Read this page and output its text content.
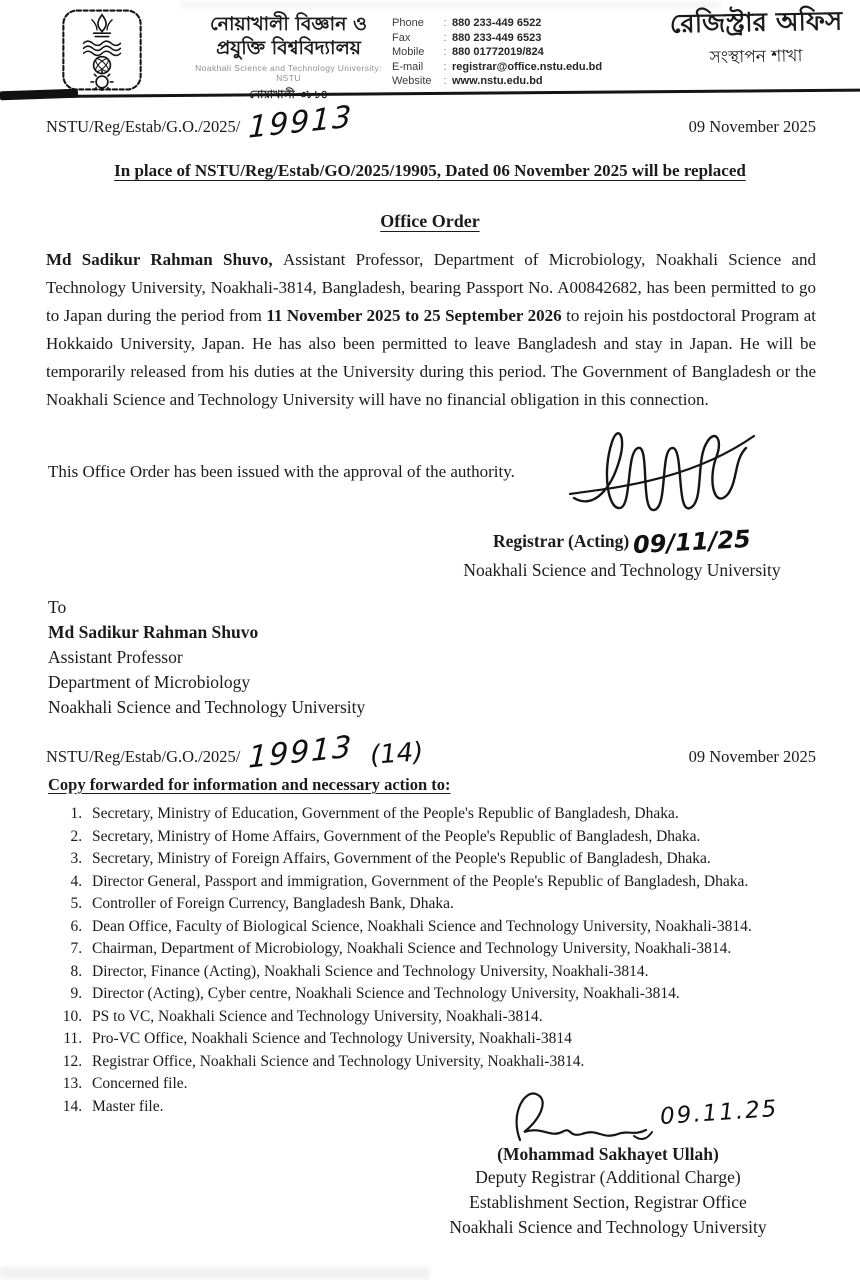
নোয়াখালী বিজ্ঞান ও প্রযুক্তি বিশ্ববিদ্যালয়
Noakhali Science and Technology University: NSTU
নোয়াখালী-৩৮১৪
Phone	: 880 233-449 6522
Fax	: 880 233-449 6523
Mobile	: 880 01772019/824
E-mail	: registrar@office.nstu.edu.bd
Website	: www.nstu.edu.bd
রেজিস্ট্রার অফিস
সংস্থাপন শাখা
NSTU/Reg/Estab/G.O./2025/ 19913	09 November 2025
In place of NSTU/Reg/Estab/GO/2025/19905, Dated 06 November 2025 will be replaced
Office Order

Md Sadikur Rahman Shuvo, Assistant Professor, Department of Microbiology, Noakhali Science and Technology University, Noakhali-3814, Bangladesh, bearing Passport No. A00842682, has been permitted to go to Japan during the period from 11 November 2025 to 25 September 2026 to rejoin his postdoctoral Program at Hokkaido University, Japan. He has also been permitted to leave Bangladesh and stay in Japan. He will be temporarily released from his duties at the University during this period. The Government of Bangladesh or the Noakhali Science and Technology University will have no financial obligation in this connection.

This Office Order has been issued with the approval of the authority.

Registrar (Acting) 09/11/25
Noakhali Science and Technology University
To
Md Sadikur Rahman Shuvo
Assistant Professor
Department of Microbiology
Noakhali Science and Technology University
NSTU/Reg/Estab/G.O./2025/ 19913 (14)	09 November 2025
Copy forwarded for information and necessary action to:
1. Secretary, Ministry of Education, Government of the People's Republic of Bangladesh, Dhaka.
2. Secretary, Ministry of Home Affairs, Government of the People's Republic of Bangladesh, Dhaka.
3. Secretary, Ministry of Foreign Affairs, Government of the People's Republic of Bangladesh, Dhaka.
4. Director General, Passport and immigration, Government of the People's Republic of Bangladesh, Dhaka.
5. Controller of Foreign Currency, Bangladesh Bank, Dhaka.
6. Dean Office, Faculty of Biological Science, Noakhali Science and Technology University, Noakhali-3814.
7. Chairman, Department of Microbiology, Noakhali Science and Technology University, Noakhali-3814.
8. Director, Finance (Acting), Noakhali Science and Technology University, Noakhali-3814.
9. Director (Acting), Cyber centre, Noakhali Science and Technology University, Noakhali-3814.
10. PS to VC, Noakhali Science and Technology University, Noakhali-3814.
11. Pro-VC Office, Noakhali Science and Technology University, Noakhali-3814
12. Registrar Office, Noakhali Science and Technology University, Noakhali-3814.
13. Concerned file.
14. Master file.	09.11.25
(Mohammad Sakhayet Ullah)
Deputy Registrar (Additional Charge)
Establishment Section, Registrar Office
Noakhali Science and Technology University
